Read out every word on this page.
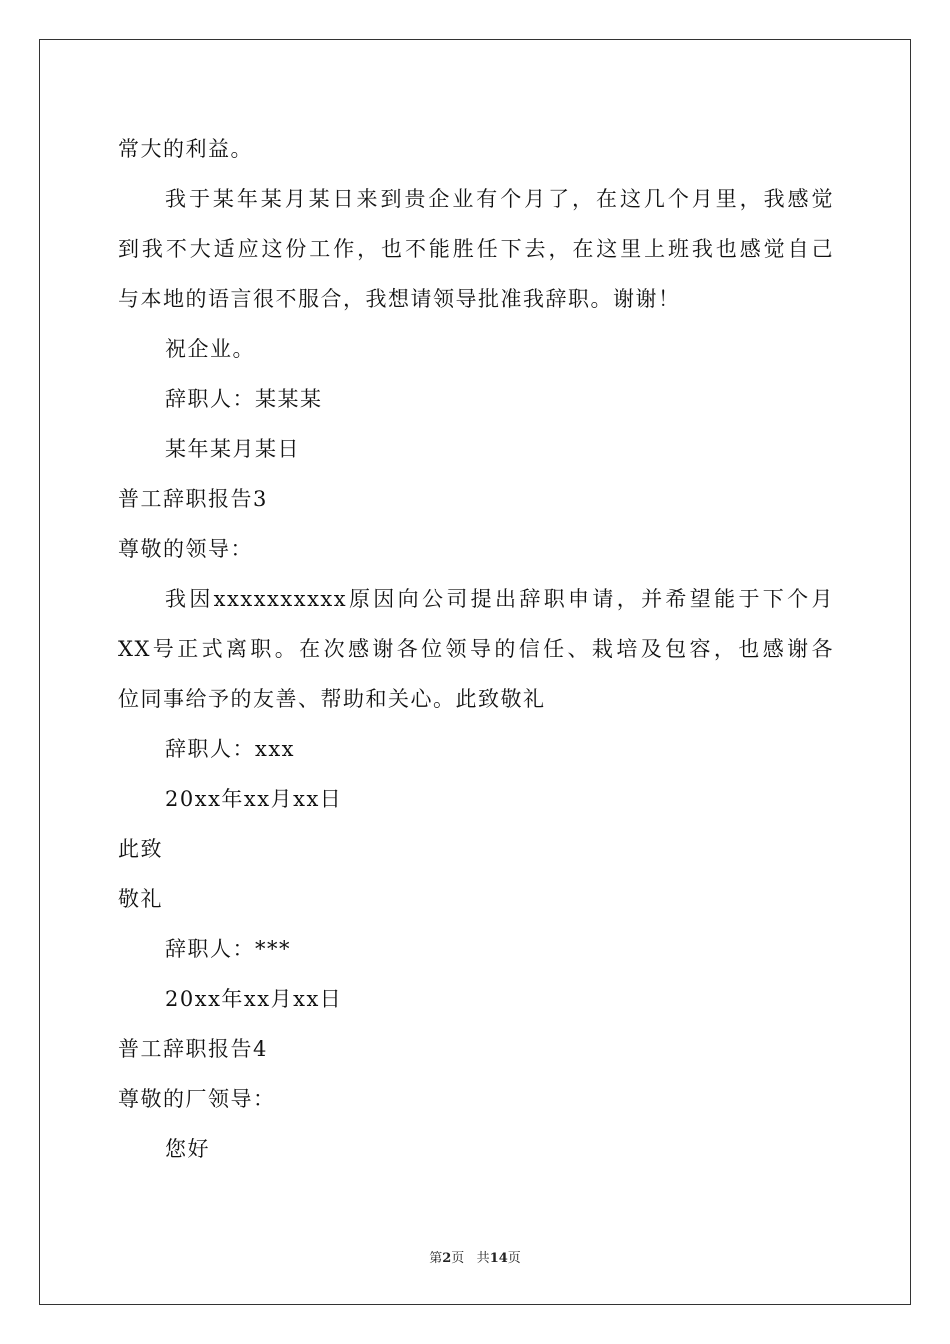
常大的利益。
我于某年某月某日来到贵企业有个月了，在这几个月里，我感觉
到我不大适应这份工作，也不能胜任下去，在这里上班我也感觉自己
与本地的语言很不服合，我想请领导批准我辞职。谢谢！
祝企业。
辞职人：某某某
某年某月某日
普工辞职报告3
尊敬的领导：
我因xxxxxxxxxx原因向公司提出辞职申请，并希望能于下个月
XX号正式离职。在次感谢各位领导的信任、栽培及包容，也感谢各
位同事给予的友善、帮助和关心。此致敬礼
辞职人：xxx
20xx年xx月xx日
此致
敬礼
辞职人：***
20xx年xx月xx日
普工辞职报告4
尊敬的厂领导：
您好
第2页 共14页
